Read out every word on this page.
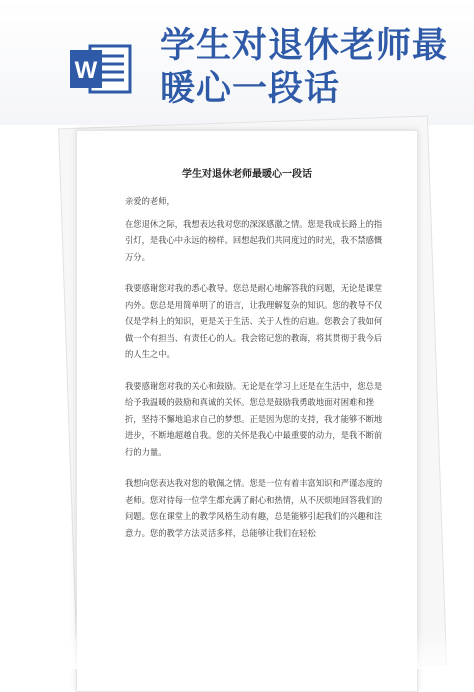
W
学生对退休老师最
暖心一段话
学生对退休老师最暖心一段话

亲爱的老师，

在您退休之际，我想表达我对您的深深感激之情。您是我成长路上的指引灯，是我心中永远的榜样。回想起我们共同度过的时光，我不禁感慨万分。

我要感谢您对我的悉心教导。您总是耐心地解答我的问题，无论是课堂内外。您总是用简单明了的语言，让我理解复杂的知识。您的教导不仅仅是学科上的知识，更是关于生活、关于人性的启迪。您教会了我如何做一个有担当、有责任心的人。我会铭记您的教诲，将其贯彻于我今后的人生之中。

我要感谢您对我的关心和鼓励。无论是在学习上还是在生活中，您总是给予我温暖的鼓励和真诚的关怀。您总是鼓励我勇敢地面对困难和挫折，坚持不懈地追求自己的梦想。正是因为您的支持，我才能够不断地进步，不断地超越自我。您的关怀是我心中最重要的动力，是我不断前行的力量。

我想向您表达我对您的敬佩之情。您是一位有着丰富知识和严谨态度的老师。您对待每一位学生都充满了耐心和热情，从不厌烦地回答我们的问题。您在课堂上的教学风格生动有趣，总是能够引起我们的兴趣和注意力。您的教学方法灵活多样，总能够让我们在轻松
